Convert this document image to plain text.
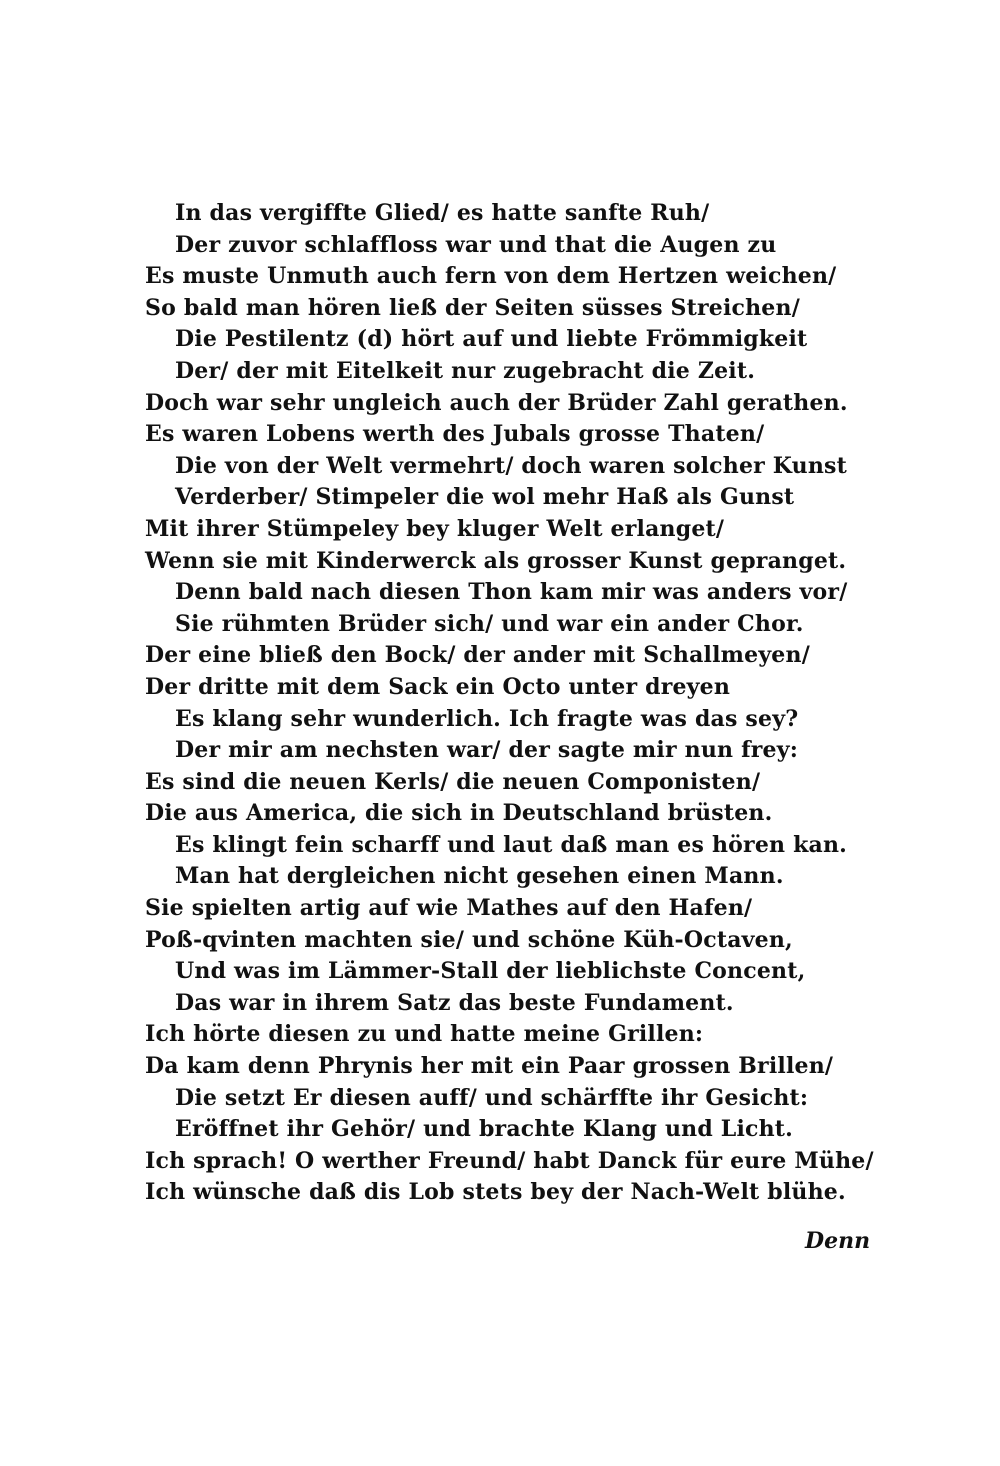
In das vergiffte Glied/ es hatte sanfte Ruh/
Der zuvor schlaffloss war und that die Augen zu
Es muste Unmuth auch fern von dem Hertzen weichen/
So bald man hören ließ der Seiten süsses Streichen/
Die Pestilentz (d) hört auf und liebte Frömmigkeit
Der/ der mit Eitelkeit nur zugebracht die Zeit.
Doch war sehr ungleich auch der Brüder Zahl gerathen.
Es waren Lobens werth des Jubals grosse Thaten/
Die von der Welt vermehrt/ doch waren solcher Kunst
Verderber/ Stimpeler die wol mehr Haß als Gunst
Mit ihrer Stümpeley bey kluger Welt erlanget/
Wenn sie mit Kinderwerck als grosser Kunst gepranget.
Denn bald nach diesen Thon kam mir was anders vor/
Sie rühmten Brüder sich/ und war ein ander Chor.
Der eine bließ den Bock/ der ander mit Schallmeyen/
Der dritte mit dem Sack ein Octo unter dreyen
Es klang sehr wunderlich. Ich fragte was das sey?
Der mir am nechsten war/ der sagte mir nun frey:
Es sind die neuen Kerls/ die neuen Componisten/
Die aus America, die sich in Deutschland brüsten.
Es klingt fein scharff und laut daß man es hören kan.
Man hat dergleichen nicht gesehen einen Mann.
Sie spielten artig auf wie Mathes auf den Hafen/
Poß-qvinten machten sie/ und schöne Küh-Octaven,
Und was im Lämmer-Stall der lieblichste Concent,
Das war in ihrem Satz das beste Fundament.
Ich hörte diesen zu und hatte meine Grillen:
Da kam denn Phrynis her mit ein Paar grossen Brillen/
Die setzt Er diesen auff/ und schärffte ihr Gesicht:
Eröffnet ihr Gehör/ und brachte Klang und Licht.
Ich sprach! O werther Freund/ habt Danck für eure Mühe/
Ich wünsche daß dis Lob stets bey der Nach-Welt blühe.
Denn
